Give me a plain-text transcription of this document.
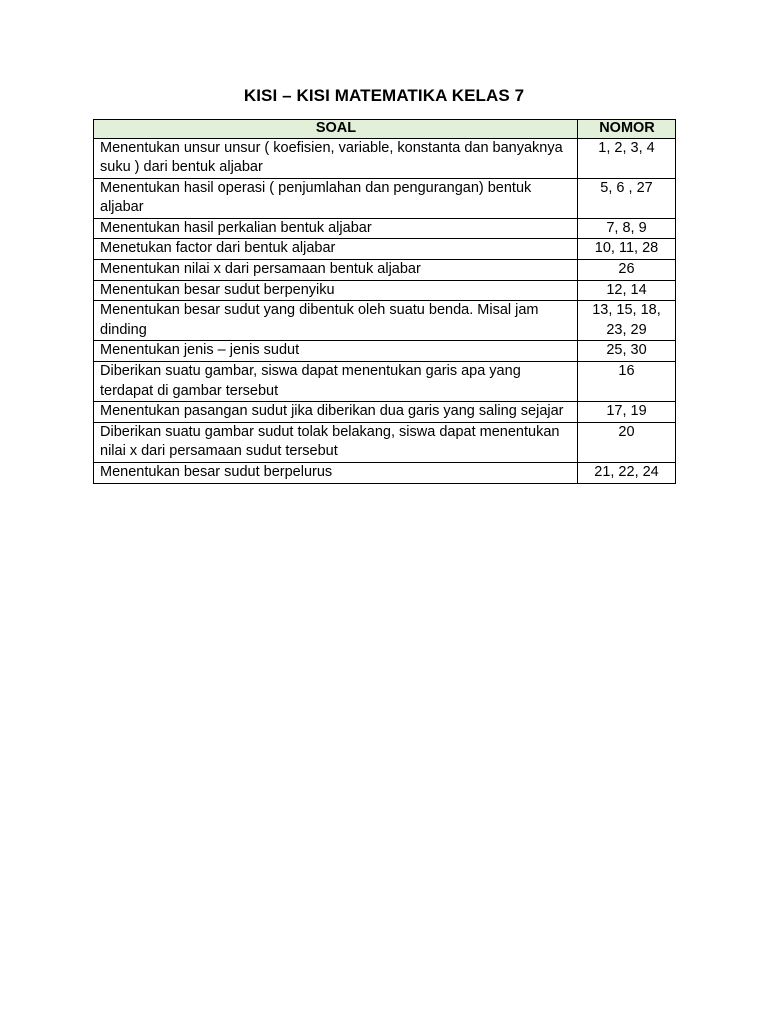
KISI – KISI MATEMATIKA KELAS 7
SOAL	NOMOR
Menentukan unsur unsur ( koefisien, variable, konstanta dan banyaknya suku ) dari bentuk aljabar	1, 2, 3, 4
Menentukan hasil operasi ( penjumlahan dan pengurangan) bentuk aljabar	5, 6 , 27
Menentukan hasil perkalian bentuk aljabar	7, 8, 9
Menetukan factor dari bentuk aljabar	10, 11, 28
Menentukan nilai x dari persamaan bentuk aljabar	26
Menentukan besar sudut berpenyiku	12, 14
Menentukan besar sudut yang dibentuk oleh suatu benda. Misal jam dinding	13, 15, 18, 23, 29
Menentukan jenis – jenis sudut	25, 30
Diberikan suatu gambar, siswa dapat menentukan garis apa yang terdapat di gambar tersebut	16
Menentukan pasangan sudut jika diberikan dua garis yang saling sejajar	17, 19
Diberikan suatu gambar sudut tolak belakang, siswa dapat menentukan nilai x dari persamaan sudut tersebut	20
Menentukan besar sudut berpelurus	21, 22, 24
